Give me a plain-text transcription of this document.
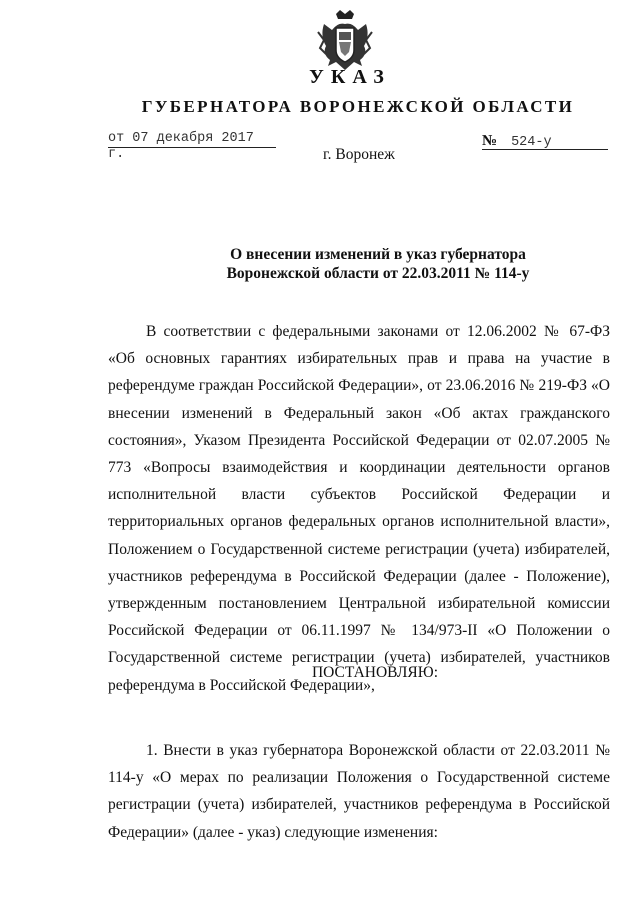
УКАЗ
ГУБЕРНАТОРА ВОРОНЕЖСКОЙ ОБЛАСТИ
от 07 декабря 2017 г.
№ 524-у
г. Воронеж
О внесении изменений в указ губернатора
Воронежской области от 22.03.2011 № 114-у

В соответствии с федеральными законами от 12.06.2002 № 67-ФЗ «Об основных гарантиях избирательных прав и права на участие в референдуме граждан Российской Федерации», от 23.06.2016 № 219-ФЗ «О внесении изменений в Федеральный закон «Об актах гражданского состояния», Указом Президента Российской Федерации от 02.07.2005 № 773 «Вопросы взаимодействия и координации деятельности органов исполнительной власти субъектов Российской Федерации и территориальных органов федеральных органов исполнительной власти», Положением о Государственной системе регистрации (учета) избирателей, участников референдума в Российской Федерации (далее - Положение), утвержденным постановлением Центральной избирательной комиссии Российской Федерации от 06.11.1997 № 134/973-II «О Положении о Государственной системе регистрации (учета) избирателей, участников референдума в Российской Федерации»,

ПОСТАНОВЛЯЮ:

1. Внести в указ губернатора Воронежской области от 22.03.2011 № 114-у «О мерах по реализации Положения о Государственной системе регистрации (учета) избирателей, участников референдума в Российской Федерации» (далее - указ) следующие изменения:
